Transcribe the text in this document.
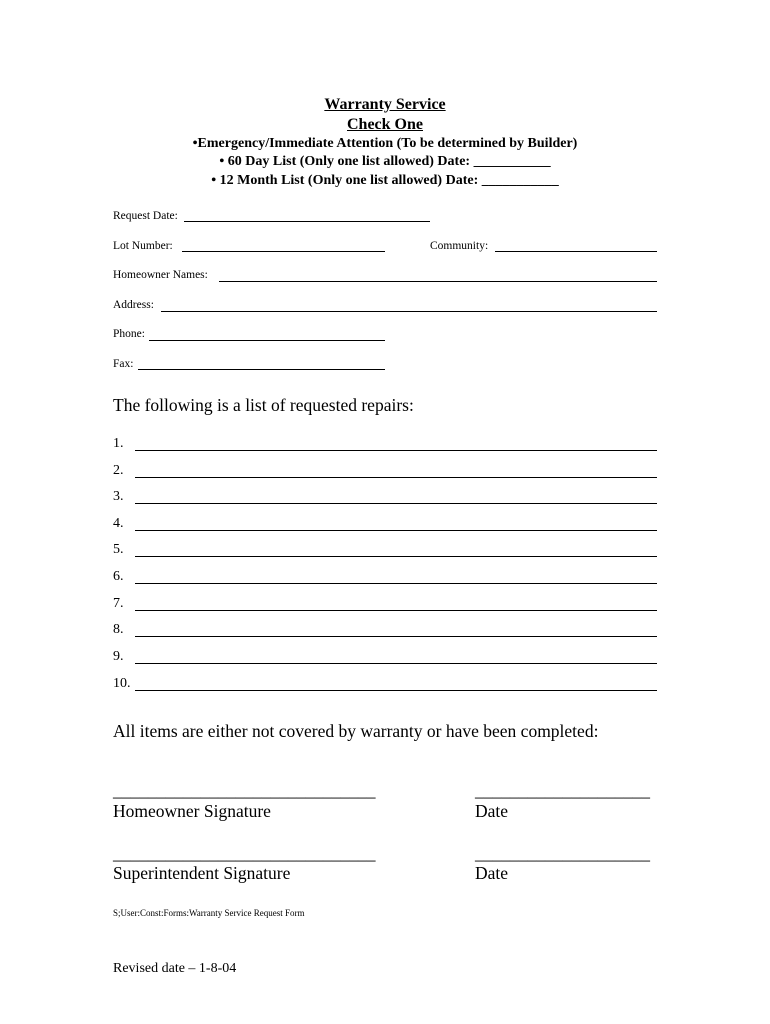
Warranty Service
Check One
•Emergency/Immediate Attention (To be determined by Builder)
• 60 Day List (Only one list allowed) Date: ___________
• 12 Month List (Only one list allowed) Date: ___________
Request Date:
Lot Number:	Community:
Homeowner Names:
Address:
Phone:
Fax:
The following is a list of requested repairs:
1.
2.
3.
4.
5.
6.
7.
8.
9.
10.
All items are either not covered by warranty or have been completed:
______________________________	____________________
Homeowner Signature	Date
______________________________	____________________
Superintendent Signature	Date
S;User:Const:Forms:Warranty Service Request Form
Revised date – 1-8-04
